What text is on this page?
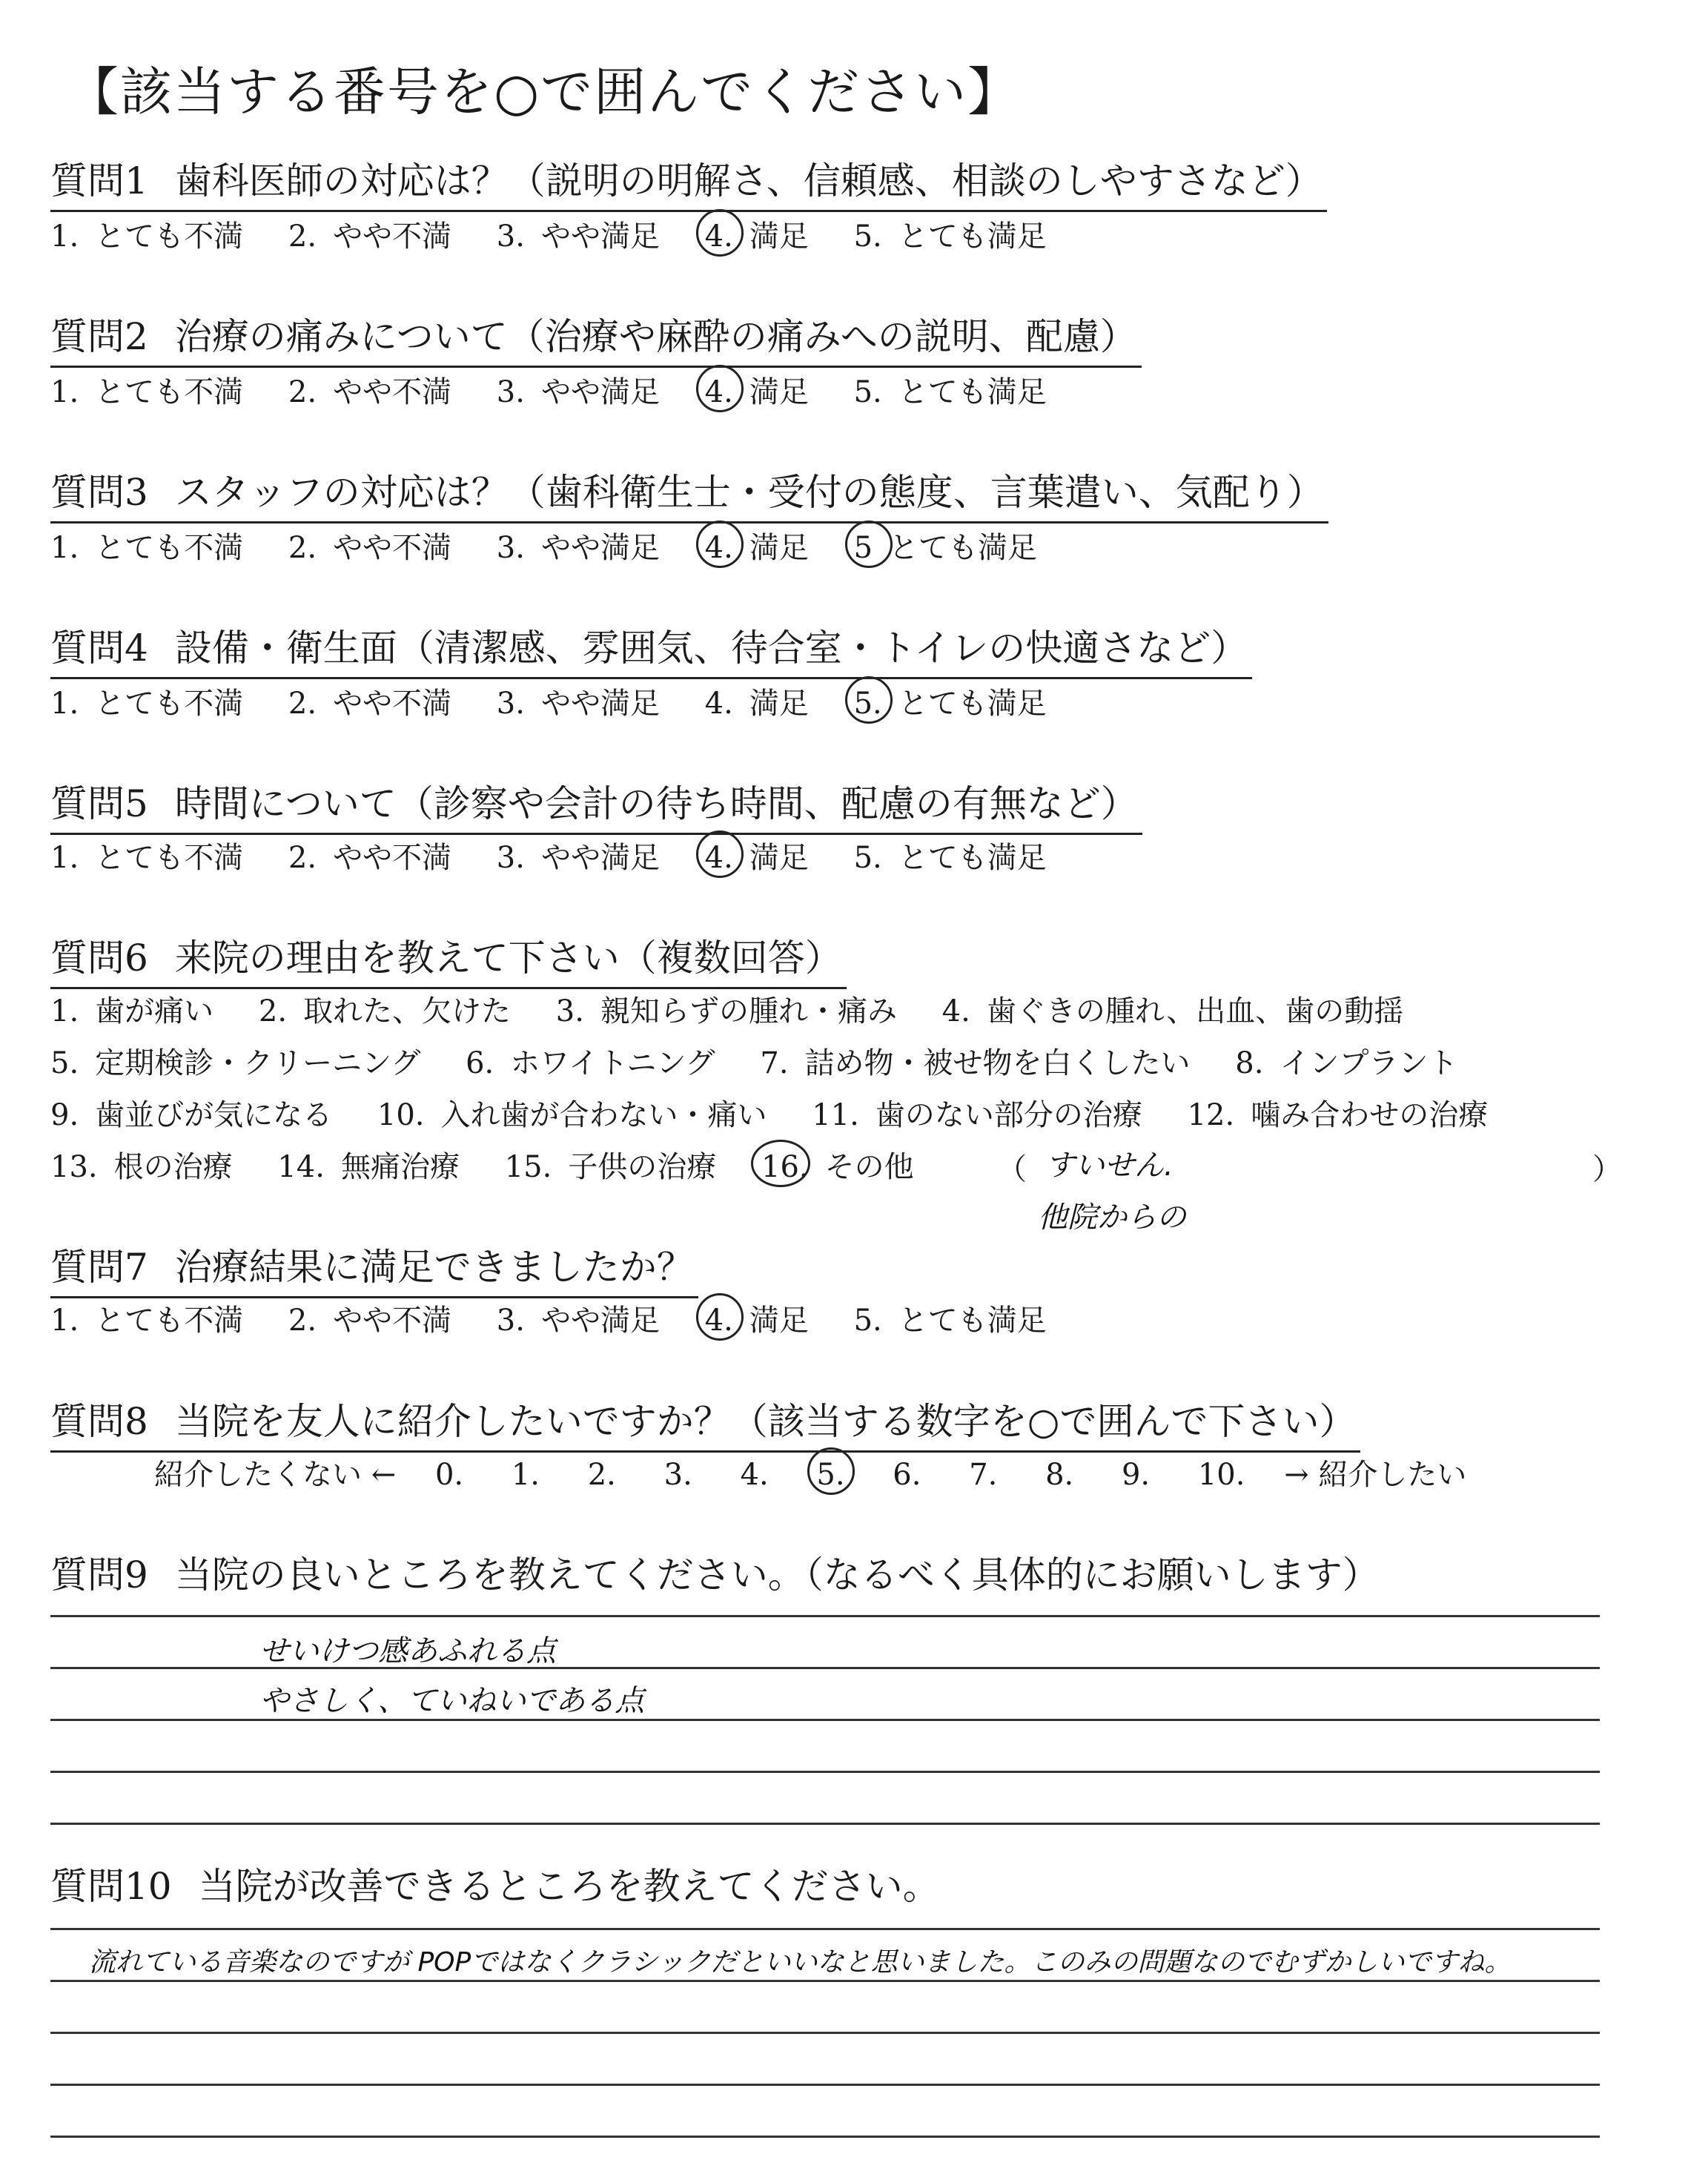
【該当する番号を○で囲んでください】
質問1 歯科医師の対応は？（説明の明解さ、信頼感、相談のしやすさなど）
1. とても不満 2. やや不満 3. やや満足 4. 満足 5. とても満足
質問2 治療の痛みについて（治療や麻酔の痛みへの説明、配慮）
1. とても不満 2. やや不満 3. やや満足 4. 満足 5. とても満足
質問3 スタッフの対応は？（歯科衛生士・受付の態度、言葉遣い、気配り）
1. とても不満 2. やや不満 3. やや満足 4. 満足 5 とても満足
質問4 設備・衛生面（清潔感、雰囲気、待合室・トイレの快適さなど）
1. とても不満 2. やや不満 3. やや満足 4. 満足 5. とても満足
質問5 時間について（診察や会計の待ち時間、配慮の有無など）
1. とても不満 2. やや不満 3. やや満足 4. 満足 5. とても満足
質問6 来院の理由を教えて下さい（複数回答）
1. 歯が痛い 2. 取れた、欠けた 3. 親知らずの腫れ・痛み 4. 歯ぐきの腫れ、出血、歯の動揺
5. 定期検診・クリーニング 6. ホワイトニング 7. 詰め物・被せ物を白くしたい 8. インプラント
9. 歯並びが気になる 10. 入れ歯が合わない・痛い 11. 歯のない部分の治療 12. 噛み合わせの治療
13. 根の治療 14. 無痛治療 15. 子供の治療 16. その他	（	）
すいせん.
他院からの
質問7 治療結果に満足できましたか？
1. とても不満 2. やや不満 3. やや満足 4. 満足 5. とても満足
質問8 当院を友人に紹介したいですか？（該当する数字を○で囲んで下さい）
紹介したくない ← 0. 1. 2. 3. 4. 5. 6. 7. 8. 9. 10. → 紹介したい
質問9 当院の良いところを教えてください。（なるべく具体的にお願いします）
せいけつ感あふれる点
やさしく、ていねいである点
質問10 当院が改善できるところを教えてください。
流れている音楽なのですが POPではなくクラシックだといいなと思いました。このみの問題なのでむずかしいですね。
